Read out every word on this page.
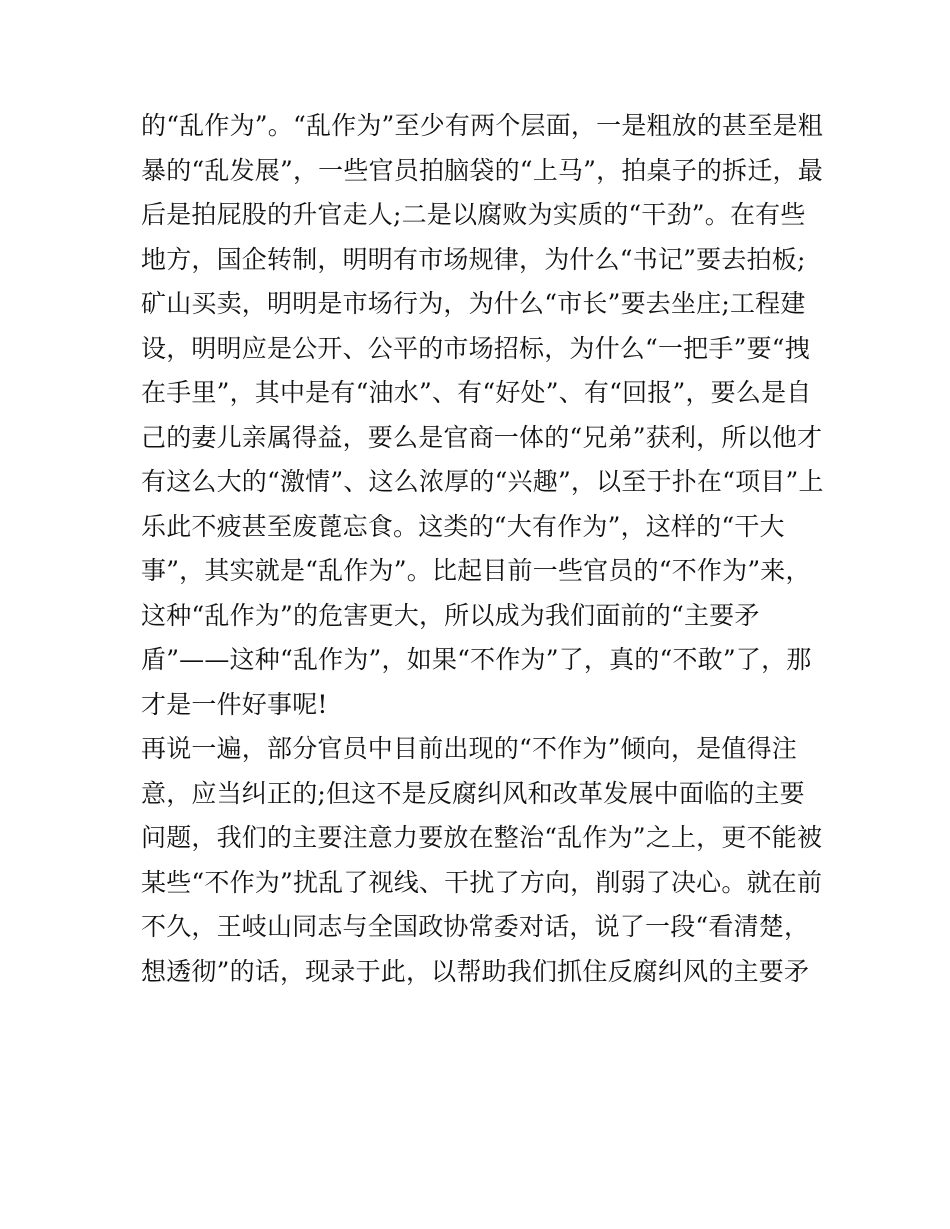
的“乱作为”。“乱作为”至少有两个层面，一是粗放的甚至是粗
暴的“乱发展”，一些官员拍脑袋的“上马”，拍桌子的拆迁，最
后是拍屁股的升官走人;二是以腐败为实质的“干劲”。在有些
地方，国企转制，明明有市场规律，为什么“书记”要去拍板;
矿山买卖，明明是市场行为，为什么“市长”要去坐庄;工程建
设，明明应是公开、公平的市场招标，为什么“一把手”要“拽
在手里”，其中是有“油水”、有“好处”、有“回报”，要么是自
己的妻儿亲属得益，要么是官商一体的“兄弟”获利，所以他才
有这么大的“激情”、这么浓厚的“兴趣”，以至于扑在“项目”上
乐此不疲甚至废蓖忘食。这类的“大有作为”，这样的“干大
事”，其实就是“乱作为”。比起目前一些官员的“不作为”来，
这种“乱作为”的危害更大，所以成为我们面前的“主要矛
盾”——这种“乱作为”，如果“不作为”了，真的“不敢”了，那
才是一件好事呢!
再说一遍，部分官员中目前出现的“不作为”倾向，是值得注
意，应当纠正的;但这不是反腐纠风和改革发展中面临的主要
问题，我们的主要注意力要放在整治“乱作为”之上，更不能被
某些“不作为”扰乱了视线、干扰了方向，削弱了决心。就在前
不久，王岐山同志与全国政协常委对话，说了一段“看清楚，
想透彻”的话，现录于此，以帮助我们抓住反腐纠风的主要矛
